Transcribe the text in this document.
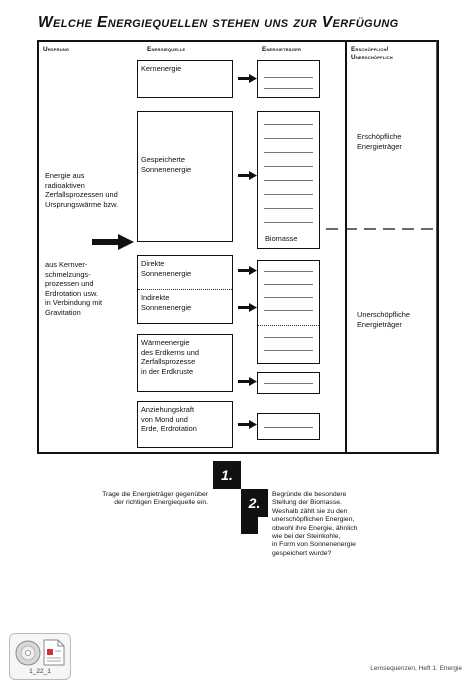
Welche Energiequellen stehen uns zur Verfügung
Ursprung	Energiequelle	Energieträger	Erschöpflich/
Unerschöpflich
Energie aus
radioaktiven
Zerfallsprozessen und
Ursprungswärme bzw.
aus Kernver-
schmelzungs-
prozessen und
Erdrotation usw.
in Verbindung mit
Gravitation
Kernenergie
Gespeicherte
Sonnenenergie
Direkte
Sonnenenergie
Indirekte
Sonnenenergie
Wärmeenergie
des Erdkerns und
Zerfallsprozesse
in der Erdkruste
Anziehungskraft
von Mond und
Erde, Erdrotation
Biomasse
Erschöpfliche
Energieträger
Unerschöpfliche
Energieträger
1.
Trage die Energieträger gegenüber
der richtigen Energiequelle ein.	2.
Begründe die besondere
Stellung der Biomasse.
Weshalb zählt sie zu den
unerschöpflichen Energien,
obwohl ihre Energie, ähnlich
wie bei der Steinkohle,
in Form von Sonnenenergie
gespeichert wurde?
1_22_1	Lernsequenzen, Heft 1: Energie
